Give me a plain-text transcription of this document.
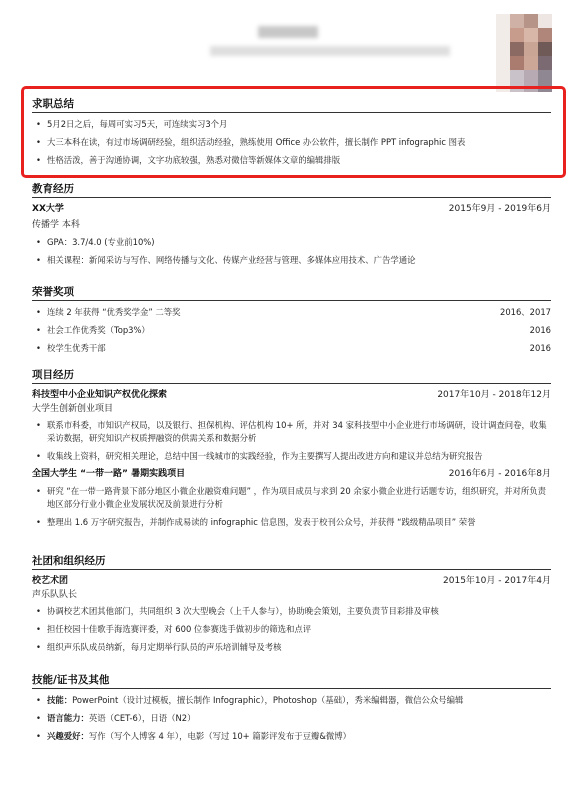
求职总结
• 5月2日之后，每周可实习5天，可连续实习3个月
• 大三本科在读，有过市场调研经验，组织活动经验，熟练使用 Office 办公软件，擅长制作 PPT infographic 图表
• 性格活泼，善于沟通协调，文字功底较强，熟悉对微信等新媒体文章的编辑排版
教育经历
XX大学	2015年9月 - 2019年6月
传播学 本科
• GPA：3.7/4.0 (专业前10%)
• 相关课程：新闻采访与写作、网络传播与文化、传媒产业经营与管理、多媒体应用技术、广告学通论
荣誉奖项
• 连续 2 年获得 “优秀奖学金” 二等奖	2016、2017
• 社会工作优秀奖（Top3%）	2016
• 校学生优秀干部	2016
项目经历
科技型中小企业知识产权优化探索	2017年10月 - 2018年12月
大学生创新创业项目
• 联系市科委，市知识产权局，以及银行、担保机构、评估机构 10+ 所，并对 34 家科技型中小企业进行市场调研，设计调查问卷，收集采访数据，研究知识产权质押融资的供需关系和数据分析
• 收集线上资料，研究相关理论，总结中国一线城市的实践经验，作为主要撰写人提出改进方向和建议并总结为研究报告
全国大学生 “一带一路” 暑期实践项目	2016年6月 - 2016年8月
• 研究 “在一带一路背景下部分地区小微企业融资难问题” ，作为项目成员与求到 20 余家小微企业进行话题专访，组织研究，并对所负责地区部分行业小微企业发展状况及前景进行分析
• 整理出 1.6 万字研究报告，并制作成易读的 infographic 信息图，发表于校刊公众号，并获得 “践级精品项目” 荣誉
社团和组织经历
校艺术团	2015年10月 - 2017年4月
声乐队队长
• 协调校艺术团其他部门，共同组织 3 次大型晚会（上千人参与），协助晚会策划，主要负责节目彩排及审核
• 担任校园十佳歌手海选赛评委，对 600 位参赛选手做初步的筛选和点评
• 组织声乐队成员纳新，每月定期举行队员的声乐培训辅导及考核
技能/证书及其他
• 技能：PowerPoint（设计过模板，擅长制作 Infographic），Photoshop（基础），秀米编辑器，微信公众号编辑
• 语言能力：英语（CET-6），日语（N2）
• 兴趣爱好：写作（写个人博客 4 年），电影（写过 10+ 篇影评发布于豆瓣&微博）
